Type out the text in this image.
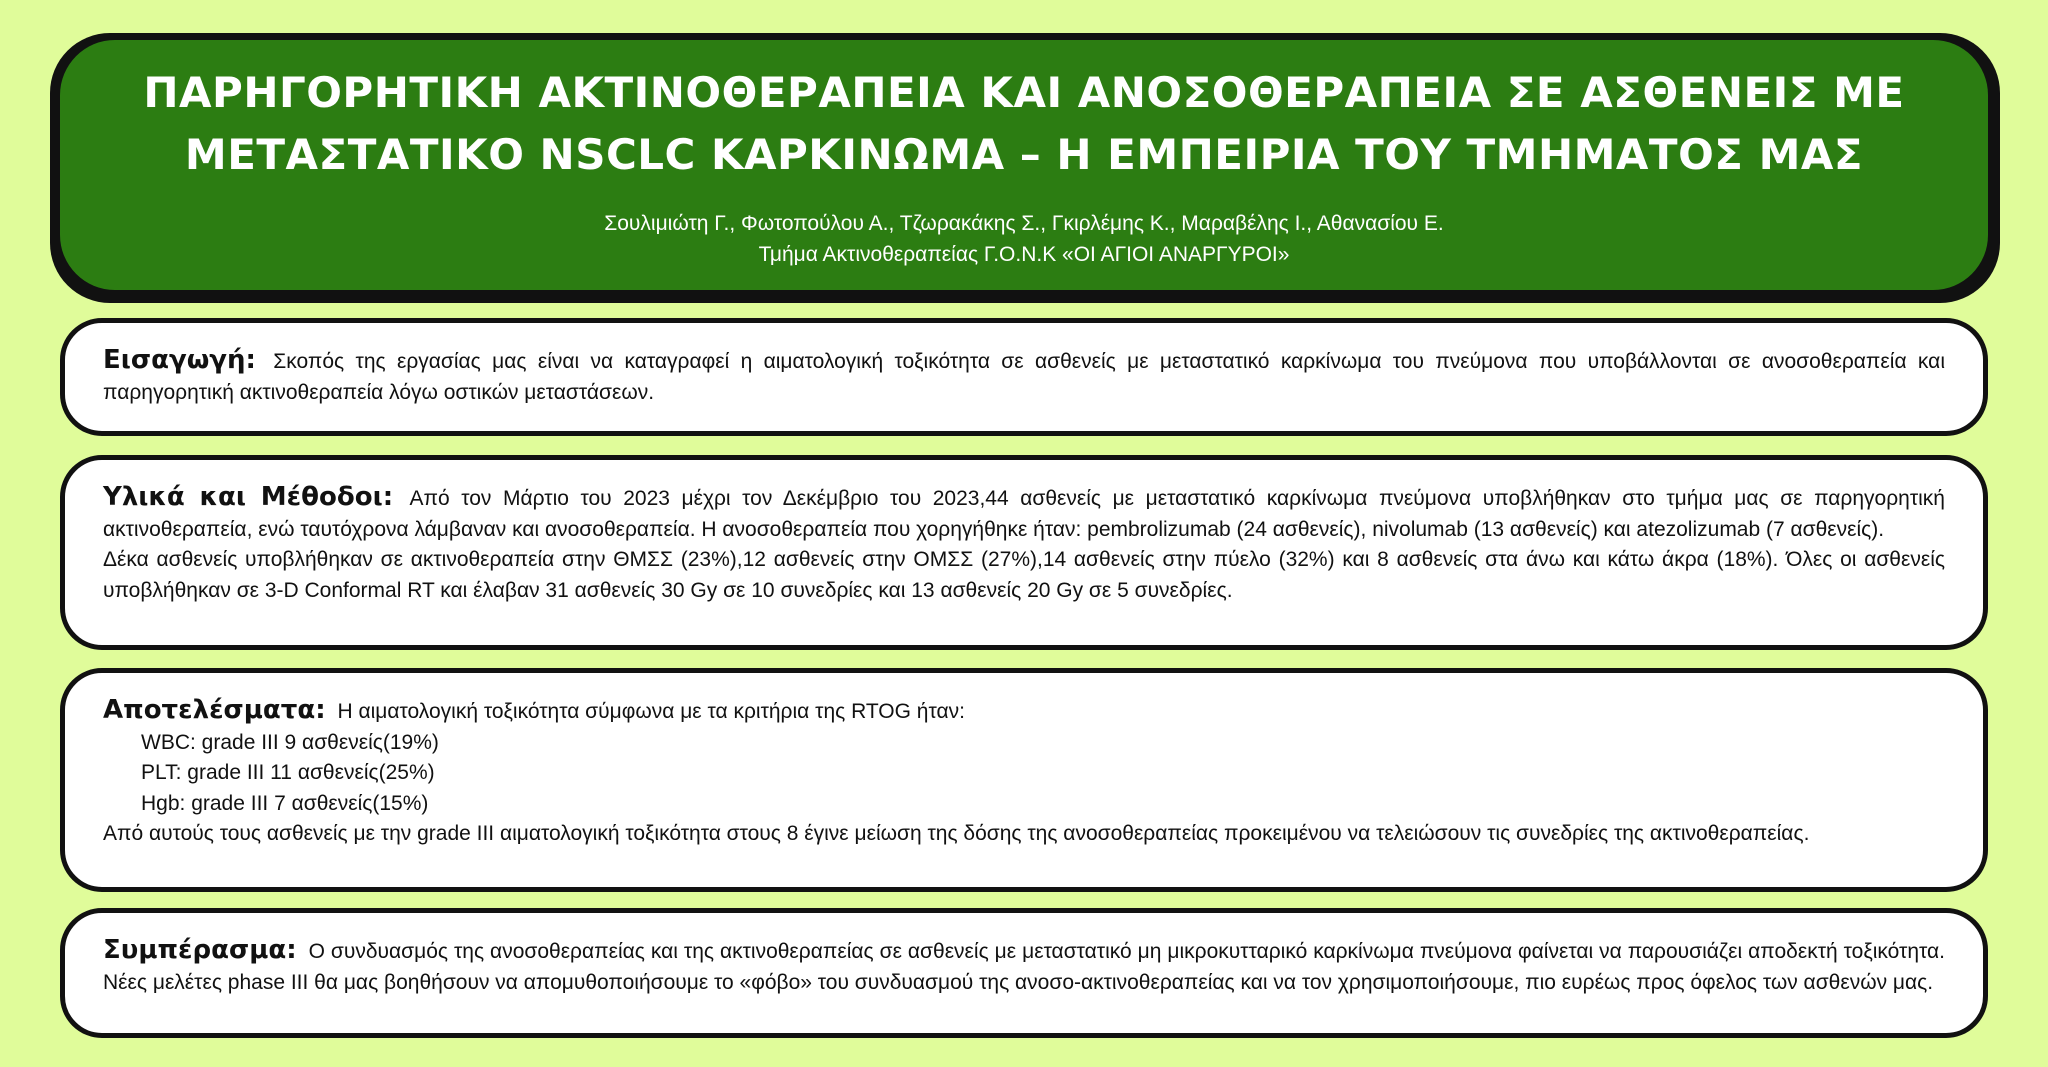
ΠΑΡΗΓΟΡΗΤΙΚΗ ΑΚΤΙΝΟΘΕΡΑΠΕΙΑ ΚΑΙ ΑΝΟΣΟΘΕΡΑΠΕΙΑ ΣΕ ΑΣΘΕΝΕΙΣ ΜΕ
ΜΕΤΑΣΤΑΤΙΚΟ NSCLC ΚΑΡΚΙΝΩΜΑ – Η ΕΜΠΕΙΡΙΑ ΤΟΥ ΤΜΗΜΑΤΟΣ ΜΑΣ
Σουλιμιώτη Γ., Φωτοπούλου Α., Τζωρακάκης Σ., Γκιρλέμης Κ., Μαραβέλης Ι., Αθανασίου Ε.
Τμήμα Ακτινοθεραπείας Γ.Ο.Ν.Κ «ΟΙ ΑΓΙΟΙ ΑΝΑΡΓΥΡΟΙ»

Εισαγωγή: Σκοπός της εργασίας μας είναι να καταγραφεί η αιματολογική τοξικότητα σε ασθενείς με μεταστατικό καρκίνωμα του πνεύμονα που υποβάλλονται σε ανοσοθεραπεία και παρηγορητική ακτινοθεραπεία λόγω οστικών μεταστάσεων.

Υλικά και Μέθοδοι: Από τον Μάρτιο του 2023 μέχρι τον Δεκέμβριο του 2023,44 ασθενείς με μεταστατικό καρκίνωμα πνεύμονα υποβλήθηκαν στο τμήμα μας σε παρηγορητική ακτινοθεραπεία, ενώ ταυτόχρονα λάμβαναν και ανοσοθεραπεία. Η ανοσοθεραπεία που χορηγήθηκε ήταν: pembrolizumab (24 ασθενείς), nivolumab (13 ασθενείς) και atezolizumab (7 ασθενείς).

Δέκα ασθενείς υποβλήθηκαν σε ακτινοθεραπεία στην ΘΜΣΣ (23%),12 ασθενείς στην ΟΜΣΣ (27%),14 ασθενείς στην πύελο (32%) και 8 ασθενείς στα άνω και κάτω άκρα (18%). Όλες οι ασθενείς υποβλήθηκαν σε 3-D Conformal RT και έλαβαν 31 ασθενείς 30 Gy σε 10 συνεδρίες και 13 ασθενείς 20 Gy σε 5 συνεδρίες.

Αποτελέσματα: Η αιματολογική τοξικότητα σύμφωνα με τα κριτήρια της RTOG ήταν:

WBC: grade III 9 ασθενείς(19%)

PLT: grade III 11 ασθενείς(25%)

Hgb: grade III 7 ασθενείς(15%)

Από αυτούς τους ασθενείς με την grade III αιματολογική τοξικότητα στους 8 έγινε μείωση της δόσης της ανοσοθεραπείας προκειμένου να τελειώσουν τις συνεδρίες της ακτινοθεραπείας.

Συμπέρασμα: Ο συνδυασμός της ανοσοθεραπείας και της ακτινοθεραπείας σε ασθενείς με μεταστατικό μη μικροκυτταρικό καρκίνωμα πνεύμονα φαίνεται να παρουσιάζει αποδεκτή τοξικότητα. Νέες μελέτες phase III θα μας βοηθήσουν να απομυθοποιήσουμε το «φόβο» του συνδυασμού της ανοσο-ακτινοθεραπείας και να τον χρησιμοποιήσουμε, πιο ευρέως προς όφελος των ασθενών μας.
